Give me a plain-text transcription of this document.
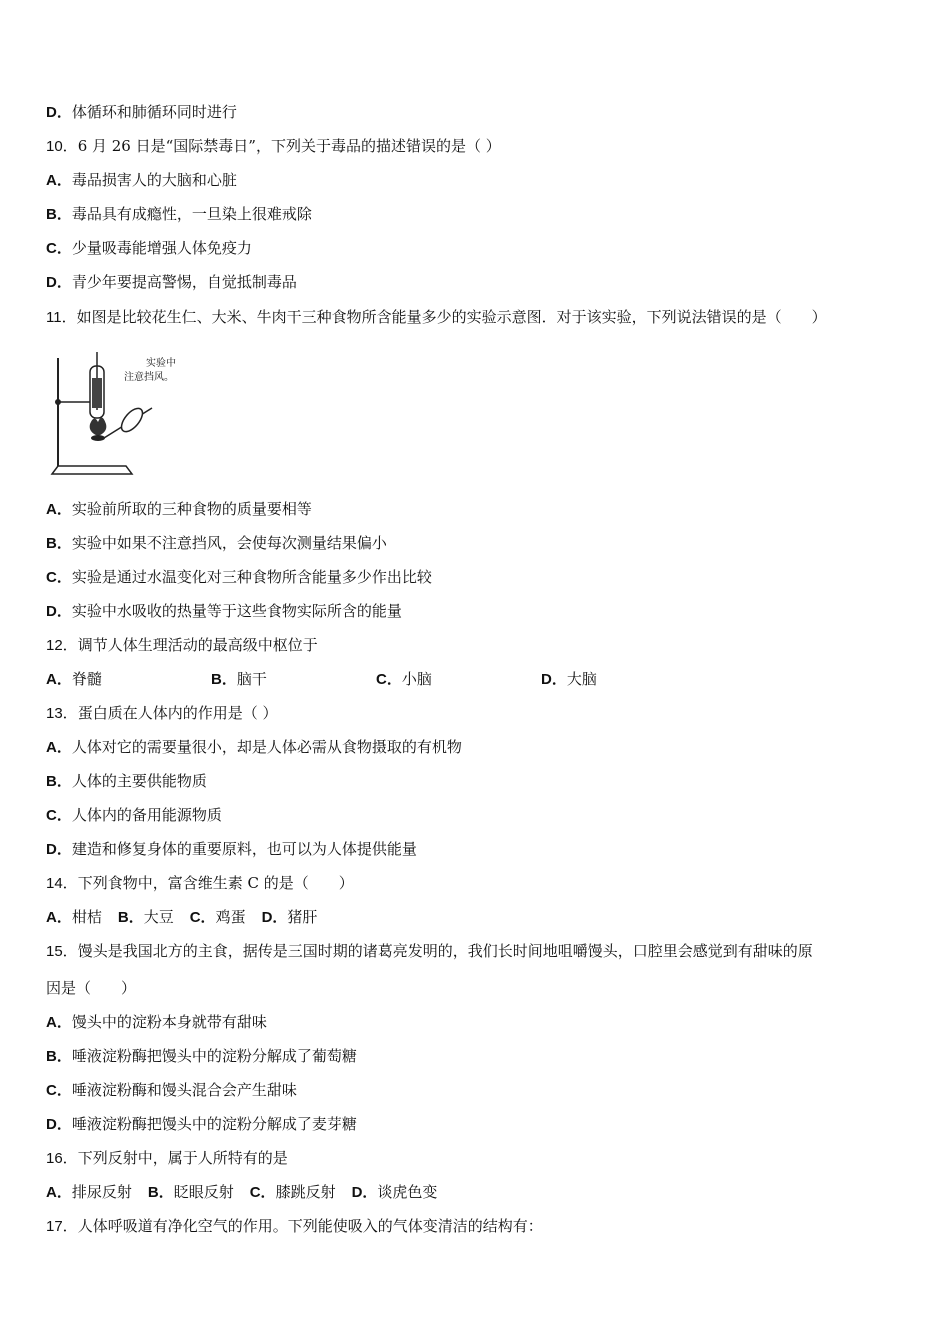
D．体循环和肺循环同时进行
10．6 月 26 日是“国际禁毒日”，下列关于毒品的描述错误的是（ ）
A．毒品损害人的大脑和心脏
B．毒品具有成瘾性，一旦染上很难戒除
C．少量吸毒能增强人体免疫力
D．青少年要提高警惕，自觉抵制毒品
11．如图是比较花生仁、大米、牛肉干三种食物所含能量多少的实验示意图．对于该实验，下列说法错误的是（　　）
实验中
注意挡风。
A．实验前所取的三种食物的质量要相等
B．实验中如果不注意挡风，会使每次测量结果偏小
C．实验是通过水温变化对三种食物所含能量多少作出比较
D．实验中水吸收的热量等于这些食物实际所含的能量
12．调节人体生理活动的最高级中枢位于
A．脊髓	B．脑干	C．小脑	D．大脑
13．蛋白质在人体内的作用是（ ）
A．人体对它的需要量很小，却是人体必需从食物摄取的有机物
B．人体的主要供能物质
C．人体内的备用能源物质
D．建造和修复身体的重要原料，也可以为人体提供能量
14．下列食物中，富含维生素 C 的是（　　）
A．柑桔 B．大豆 C．鸡蛋 D．猪肝
15．馒头是我国北方的主食，据传是三国时期的诸葛亮发明的，我们长时间地咀嚼馒头，口腔里会感觉到有甜味的原
因是（　　）
A．馒头中的淀粉本身就带有甜味
B．唾液淀粉酶把馒头中的淀粉分解成了葡萄糖
C．唾液淀粉酶和馒头混合会产生甜味
D．唾液淀粉酶把馒头中的淀粉分解成了麦芽糖
16．下列反射中，属于人所特有的是
A．排尿反射 B．眨眼反射 C．膝跳反射 D．谈虎色变
17．人体呼吸道有净化空气的作用。下列能使吸入的气体变清洁的结构有：
